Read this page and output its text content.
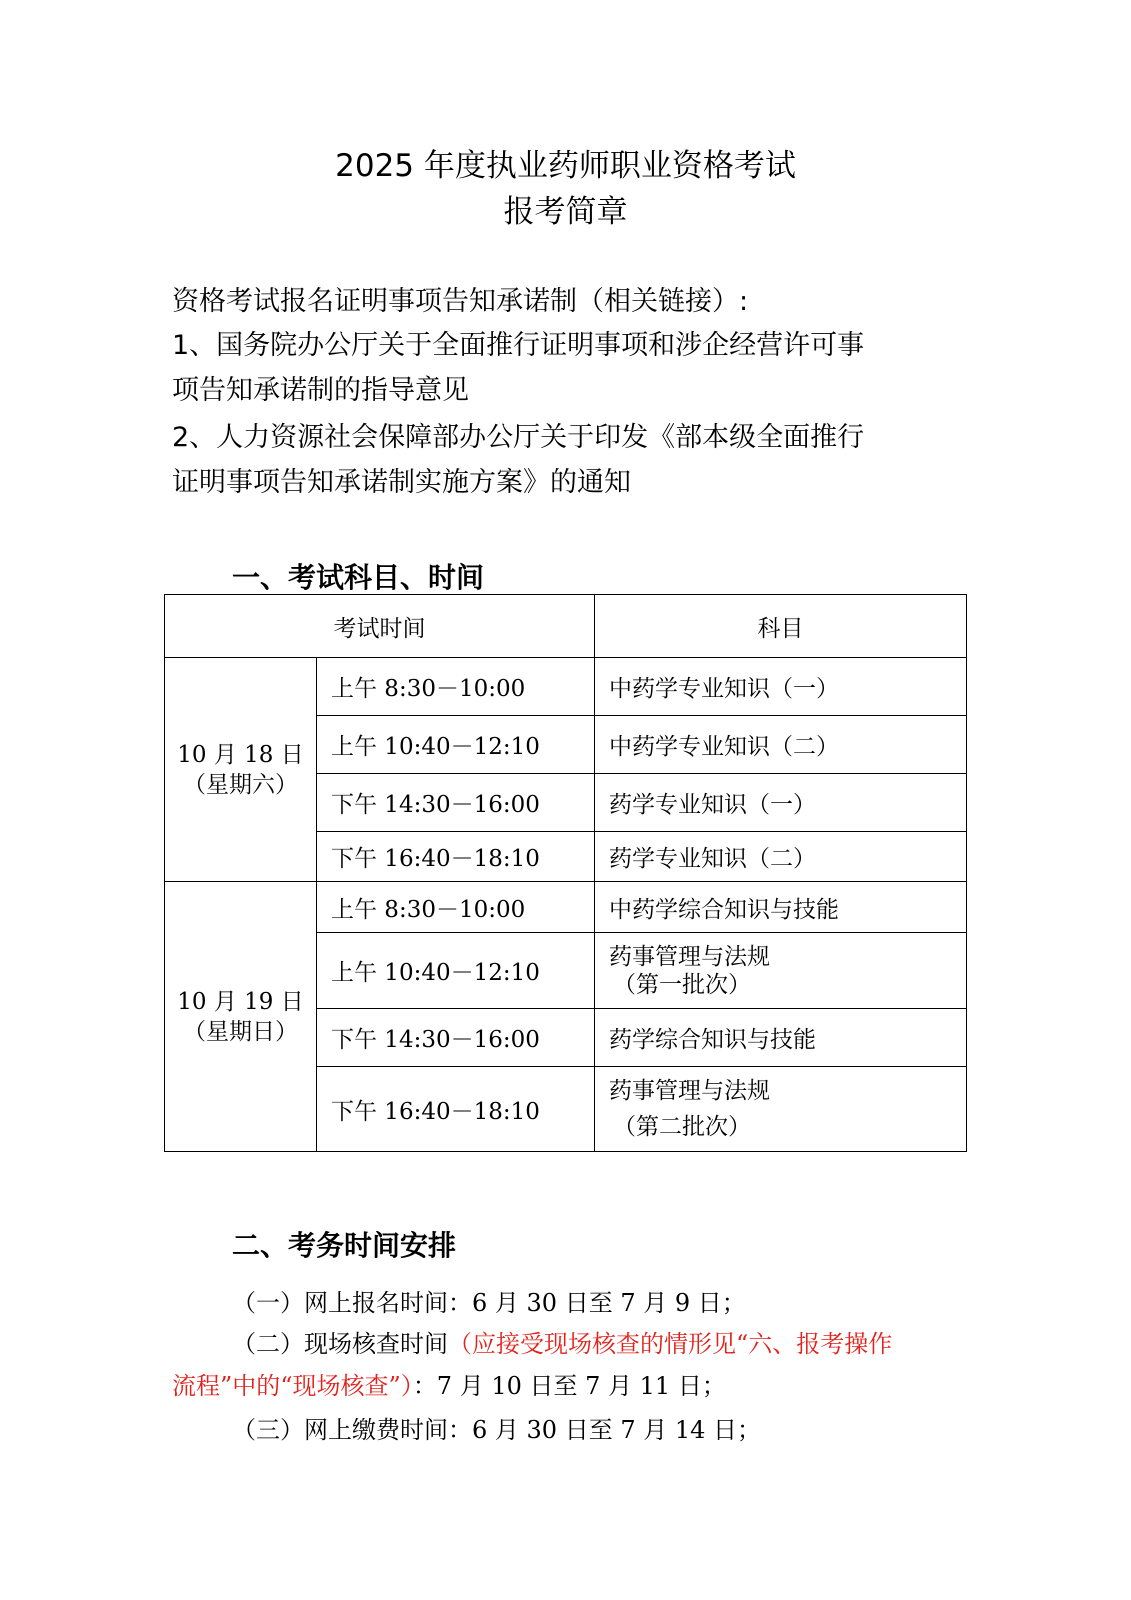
2025 年度执业药师职业资格考试
报考简章
资格考试报名证明事项告知承诺制（相关链接）:
1、国务院办公厅关于全面推行证明事项和涉企经营许可事
项告知承诺制的指导意见
2、人力资源社会保障部办公厅关于印发《部本级全面推行
证明事项告知承诺制实施方案》的通知
一、考试科目、时间
考试时间		科目

10 月 18 日
（星期六）	上午 8:30－10:00	中药学专业知识（一）
	上午 10:40－12:10	中药学专业知识（二）
	下午 14:30－16:00	药学专业知识（一）
	下午 16:40－18:10	药学专业知识（二）

10 月 19 日
（星期日）	上午 8:30－10:00	中药学综合知识与技能
	上午 10:40－12:10	药事管理与法规
（第一批次）

	下午 14:30－16:00	药学综合知识与技能
	下午 16:40－18:10	药事管理与法规
（第二批次）
二、考务时间安排
（一）网上报名时间：6 月 30 日至 7 月 9 日；
（二）现场核查时间（应接受现场核查的情形见“六、报考操作
流程”中的“现场核查”）：7 月 10 日至 7 月 11 日；
（三）网上缴费时间：6 月 30 日至 7 月 14 日；
